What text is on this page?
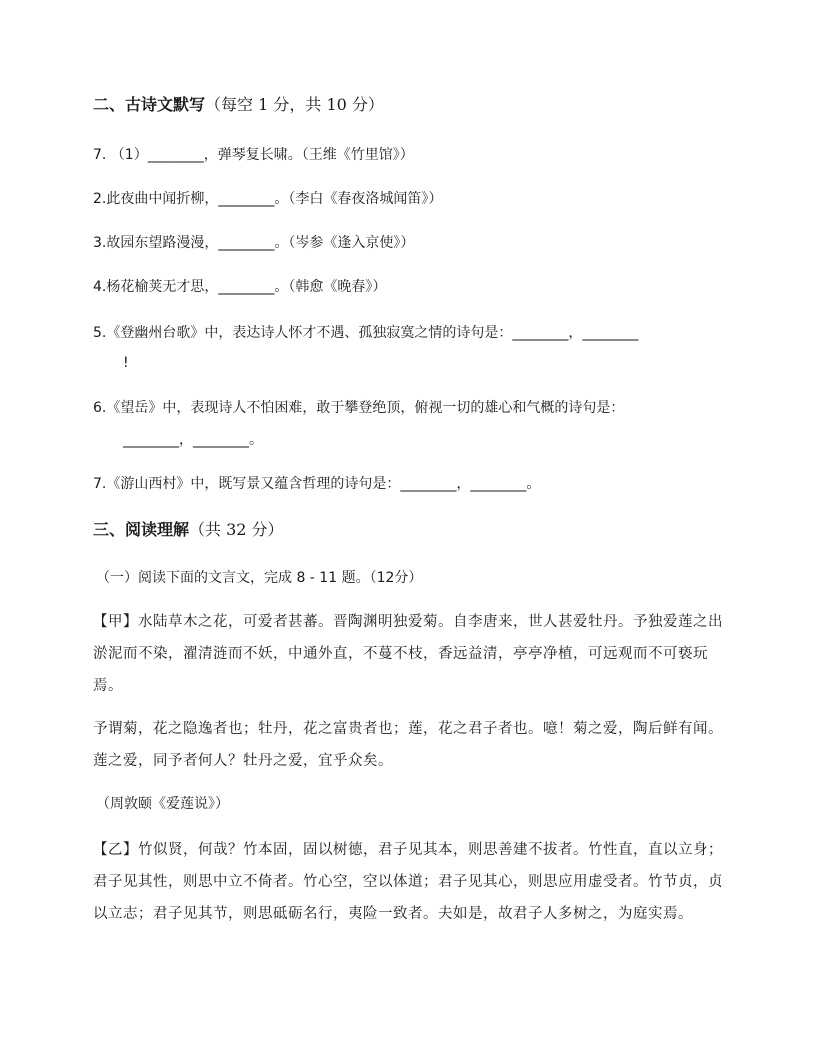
二、古诗文默写（每空 1 分，共 10 分）
7. （1）________，弹琴复长啸。（王维《竹里馆》）
2.此夜曲中闻折柳，________。（李白《春夜洛城闻笛》）
3.故园东望路漫漫，________。（岑参《逢入京使》）
4.杨花榆荚无才思，________。（韩愈《晚春》）
5.《登幽州台歌》中，表达诗人怀才不遇、孤独寂寞之情的诗句是：________，________
!
6.《望岳》中，表现诗人不怕困难，敢于攀登绝顶，俯视一切的雄心和气概的诗句是：
________，________。
7.《游山西村》中，既写景又蕴含哲理的诗句是：________，________。
三、阅读理解（共 32 分）
（一）阅读下面的文言文，完成 8 - 11 题。（12分）
【甲】水陆草木之花，可爱者甚蕃。晋陶渊明独爱菊。自李唐来，世人甚爱牡丹。予独爱莲之出淤泥而不染，濯清涟而不妖，中通外直，不蔓不枝，香远益清，亭亭净植，可远观而不可亵玩焉。
予谓菊，花之隐逸者也；牡丹，花之富贵者也；莲，花之君子者也。噫！菊之爱，陶后鲜有闻。莲之爱，同予者何人？牡丹之爱，宜乎众矣。
（周敦颐《爱莲说》）
【乙】竹似贤，何哉？竹本固，固以树德，君子见其本，则思善建不拔者。竹性直，直以立身；君子见其性，则思中立不倚者。竹心空，空以体道；君子见其心，则思应用虚受者。竹节贞，贞以立志；君子见其节，则思砥砺名行，夷险一致者。夫如是，故君子人多树之，为庭实焉。
